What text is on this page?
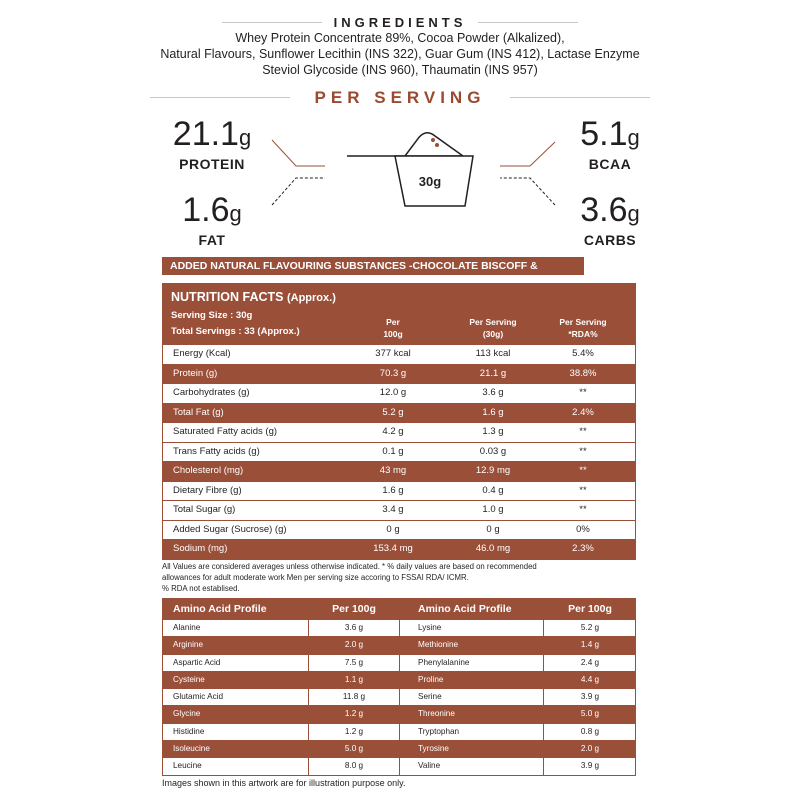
INGREDIENTS
Whey Protein Concentrate 89%, Cocoa Powder (Alkalized),
Natural Flavours, Sunflower Lecithin (INS 322), Guar Gum (INS 412), Lactase Enzyme
Steviol Glycoside (INS 960), Thaumatin (INS 957)
PER SERVING
21.1g
PROTEIN
1.6g
FAT
5.1g
BCAA
3.6g
CARBS
30g
ADDED NATURAL FLAVOURING SUBSTANCES -CHOCOLATE BISCOFF &
NUTRITION FACTS (Approx.)
Serving Size : 30g
Total Servings : 33 (Approx.)
Per
100g
Per Serving
(30g)
Per Serving
*RDA%
Energy (Kcal)	377 kcal	113 kcal	5.4%
Protein (g)	70.3 g	21.1 g	38.8%
Carbohydrates (g)	12.0 g	3.6 g	**
Total Fat (g)	5.2 g	1.6 g	2.4%
Saturated Fatty acids (g)	4.2 g	1.3 g	**
Trans Fatty acids (g)	0.1 g	0.03 g	**
Cholesterol (mg)	43 mg	12.9 mg	**
Dietary Fibre (g)	1.6 g	0.4 g	**
Total Sugar (g)	3.4 g	1.0 g	**
Added Sugar (Sucrose) (g)	0 g	0 g	0%
Sodium (mg)	153.4 mg	46.0 mg	2.3%
All Values are considered averages unless otherwise indicated. * % daily values are based on recommended
allowances for adult moderate work Men per serving size accoring to FSSAI RDA/ ICMR.
% RDA not establised.
Amino Acid Profile	Per 100g	Amino Acid Profile	Per 100g
Alanine	3.6 g	Lysine	5.2 g
Arginine	2.0 g	Methionine	1.4 g
Aspartic Acid	7.5 g	Phenylalanine	2.4 g
Cysteine	1.1 g	Proline	4.4 g
Glutamic Acid	11.8 g	Serine	3.9 g
Glycine	1.2 g	Threonine	5.0 g
Histidine	1.2 g	Tryptophan	0.8 g
Isoleucine	5.0 g	Tyrosine	2.0 g
Leucine	8.0 g	Valine	3.9 g
Images shown in this artwork are for illustration purpose only.
